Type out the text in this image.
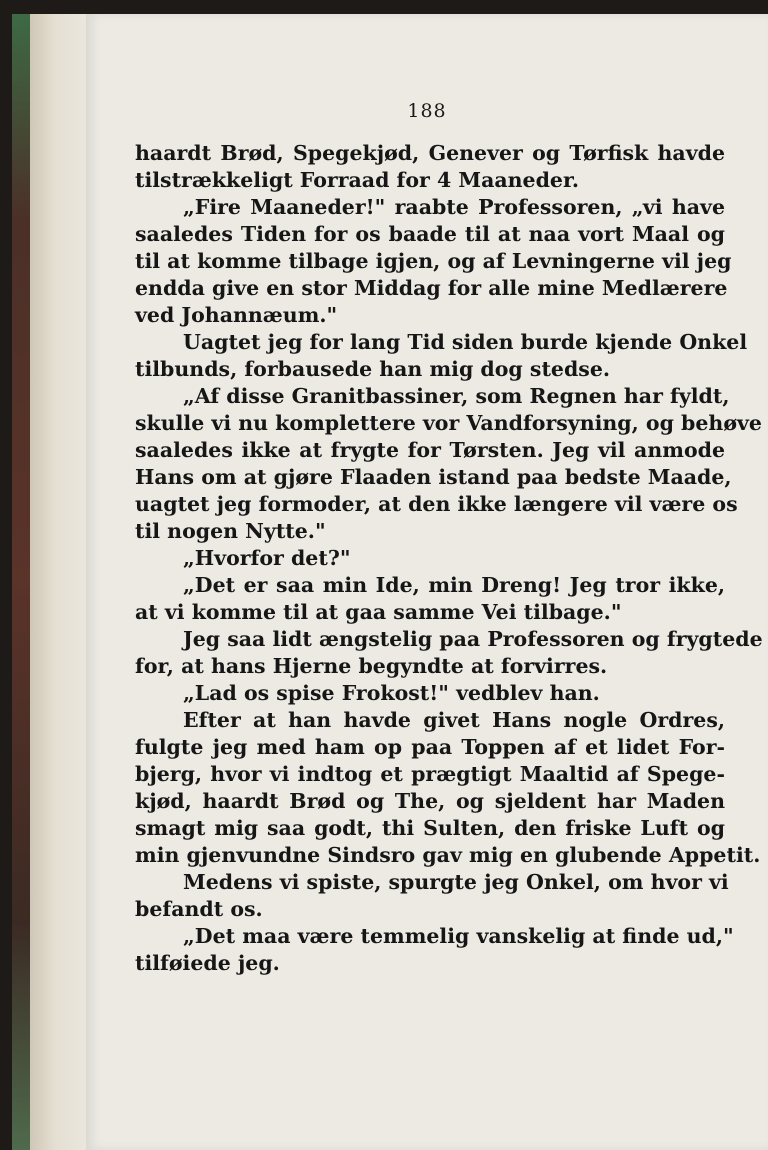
188
haardt Brød, Spegekjød, Genever og Tørfisk havde
tilstrækkeligt Forraad for 4 Maaneder.
„Fire Maaneder!" raabte Professoren, „vi have
saaledes Tiden for os baade til at naa vort Maal og
til at komme tilbage igjen, og af Levningerne vil jeg
endda give en stor Middag for alle mine Medlærere
ved Johannæum."
Uagtet jeg for lang Tid siden burde kjende Onkel
tilbunds, forbausede han mig dog stedse.
„Af disse Granitbassiner, som Regnen har fyldt,
skulle vi nu komplettere vor Vandforsyning, og behøve
saaledes ikke at frygte for Tørsten. Jeg vil anmode
Hans om at gjøre Flaaden istand paa bedste Maade,
uagtet jeg formoder, at den ikke længere vil være os
til nogen Nytte."
„Hvorfor det?"
„Det er saa min Ide, min Dreng! Jeg tror ikke,
at vi komme til at gaa samme Vei tilbage."
Jeg saa lidt ængstelig paa Professoren og frygtede
for, at hans Hjerne begyndte at forvirres.
„Lad os spise Frokost!" vedblev han.
Efter at han havde givet Hans nogle Ordres,
fulgte jeg med ham op paa Toppen af et lidet For-
bjerg, hvor vi indtog et prægtigt Maaltid af Spege-
kjød, haardt Brød og The, og sjeldent har Maden
smagt mig saa godt, thi Sulten, den friske Luft og
min gjenvundne Sindsro gav mig en glubende Appetit.
Medens vi spiste, spurgte jeg Onkel, om hvor vi
befandt os.
„Det maa være temmelig vanskelig at finde ud,"
tilføiede jeg.
